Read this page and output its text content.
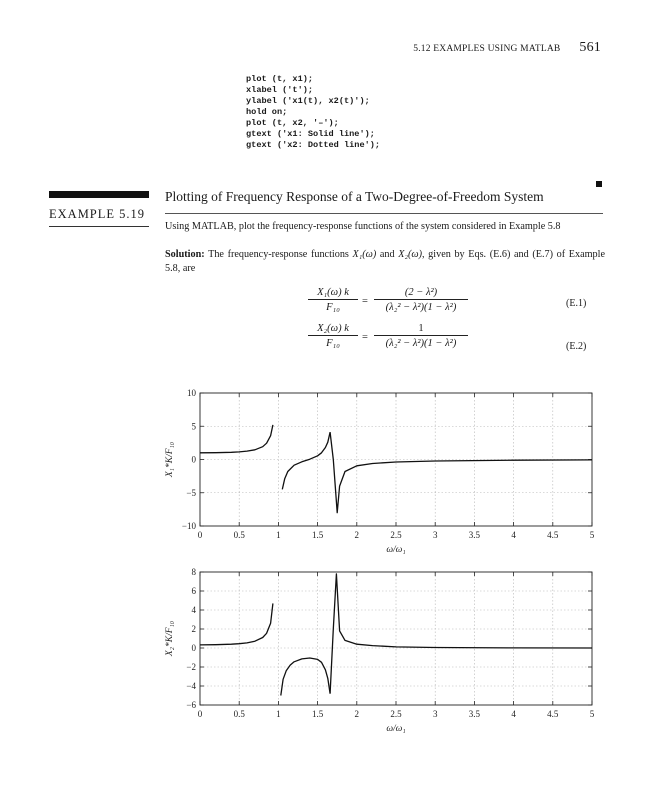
5.12 EXAMPLES USING MATLAB 561
plot (t, x1);
xlabel ('t');
ylabel ('x1(t), x2(t)');
hold on;
plot (t, x2, '–');
gtext ('x1: Solid line');
gtext ('x2: Dotted line');
EXAMPLE 5.19
Plotting of Frequency Response of a Two-Degree-of-Freedom System
Using MATLAB, plot the frequency-response functions of the system considered in Example 5.8
Solution: The frequency-response functions X₁(ω) and X₂(ω), given by Eqs. (E.6) and (E.7) of Example 5.8, are
$\frac{\text{X₁(ω) k}}{\text{F₁₀}} = \frac{\text{(2 − λ²)}}{\text{(λ₂² − λ²)(1 − λ²)}}$	(E.1)
$\frac{\text{X₂(ω) k}}{\text{F₁₀}} = \frac{1}{\text{(λ₂² − λ²)(1 − λ²)}}$	(E.2)
0	0.5	1	1.5	2	2.5	3	3.5	4	4.5	5
10
5
0
−5
−10
ω/ω₁
X₁*K/F₁₀
0	0.5	1	1.5	2	2.5	3	3.5	4	4.5	5
8
6
4
2
0
−2
−4
−6
ω/ω₁
X₂*K/F₁₀
